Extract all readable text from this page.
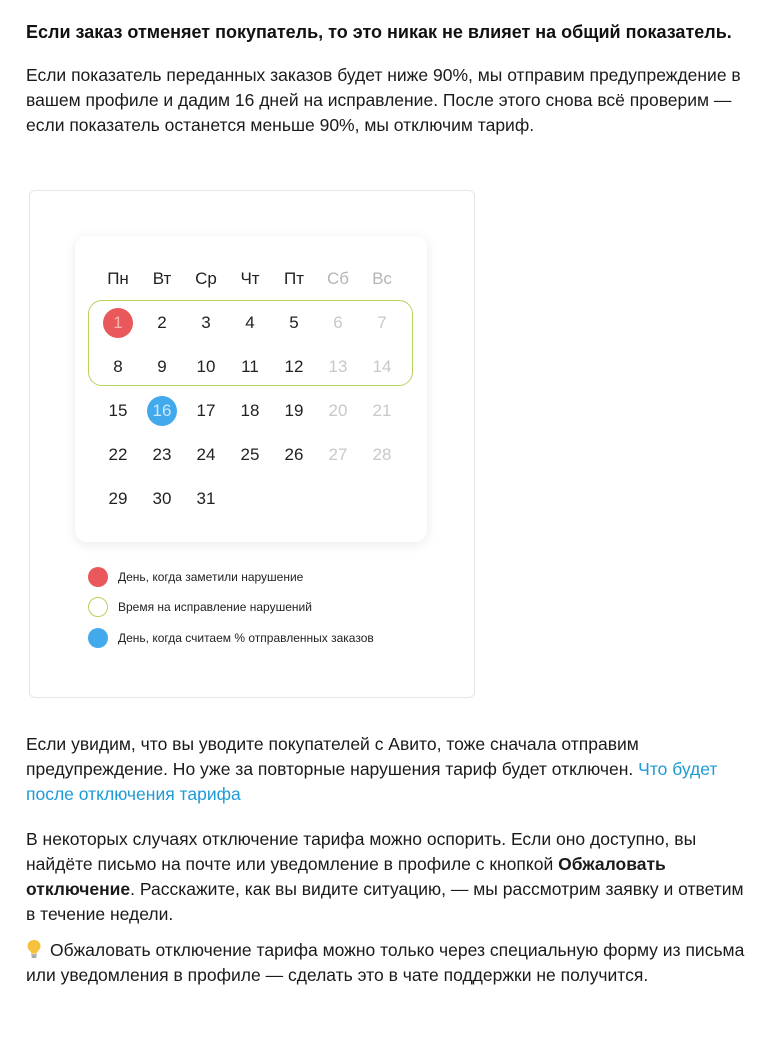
Если заказ отменяет покупатель, то это никак не влияет на общий показатель.
Если показатель переданных заказов будет ниже 90%, мы отправим предупреждение в вашем профиле и дадим 16 дней на исправление. После этого снова всё проверим — если показатель останется меньше 90%, мы отключим тариф.
Пн	Вт	Ср	Чт	Пт	Сб	Вс
1	2	3	4	5	6	7
8	9	10	11	12	13	14
15	16	17	18	19	20	21
22	23	24	25	26	27	28
29	30	31
День, когда заметили нарушение
Время на исправление нарушений
День, когда считаем % отправленных заказов
Если увидим, что вы уводите покупателей с Авито, тоже сначала отправим предупреждение. Но уже за повторные нарушения тариф будет отключен. Что будет после отключения тарифа
В некоторых случаях отключение тарифа можно оспорить. Если оно доступно, вы найдёте письмо на почте или уведомление в профиле с кнопкой Обжаловать отключение. Расскажите, как вы видите ситуацию, — мы рассмотрим заявку и ответим в течение недели.
Обжаловать отключение тарифа можно только через специальную форму из письма или уведомления в профиле — сделать это в чате поддержки не получится.
